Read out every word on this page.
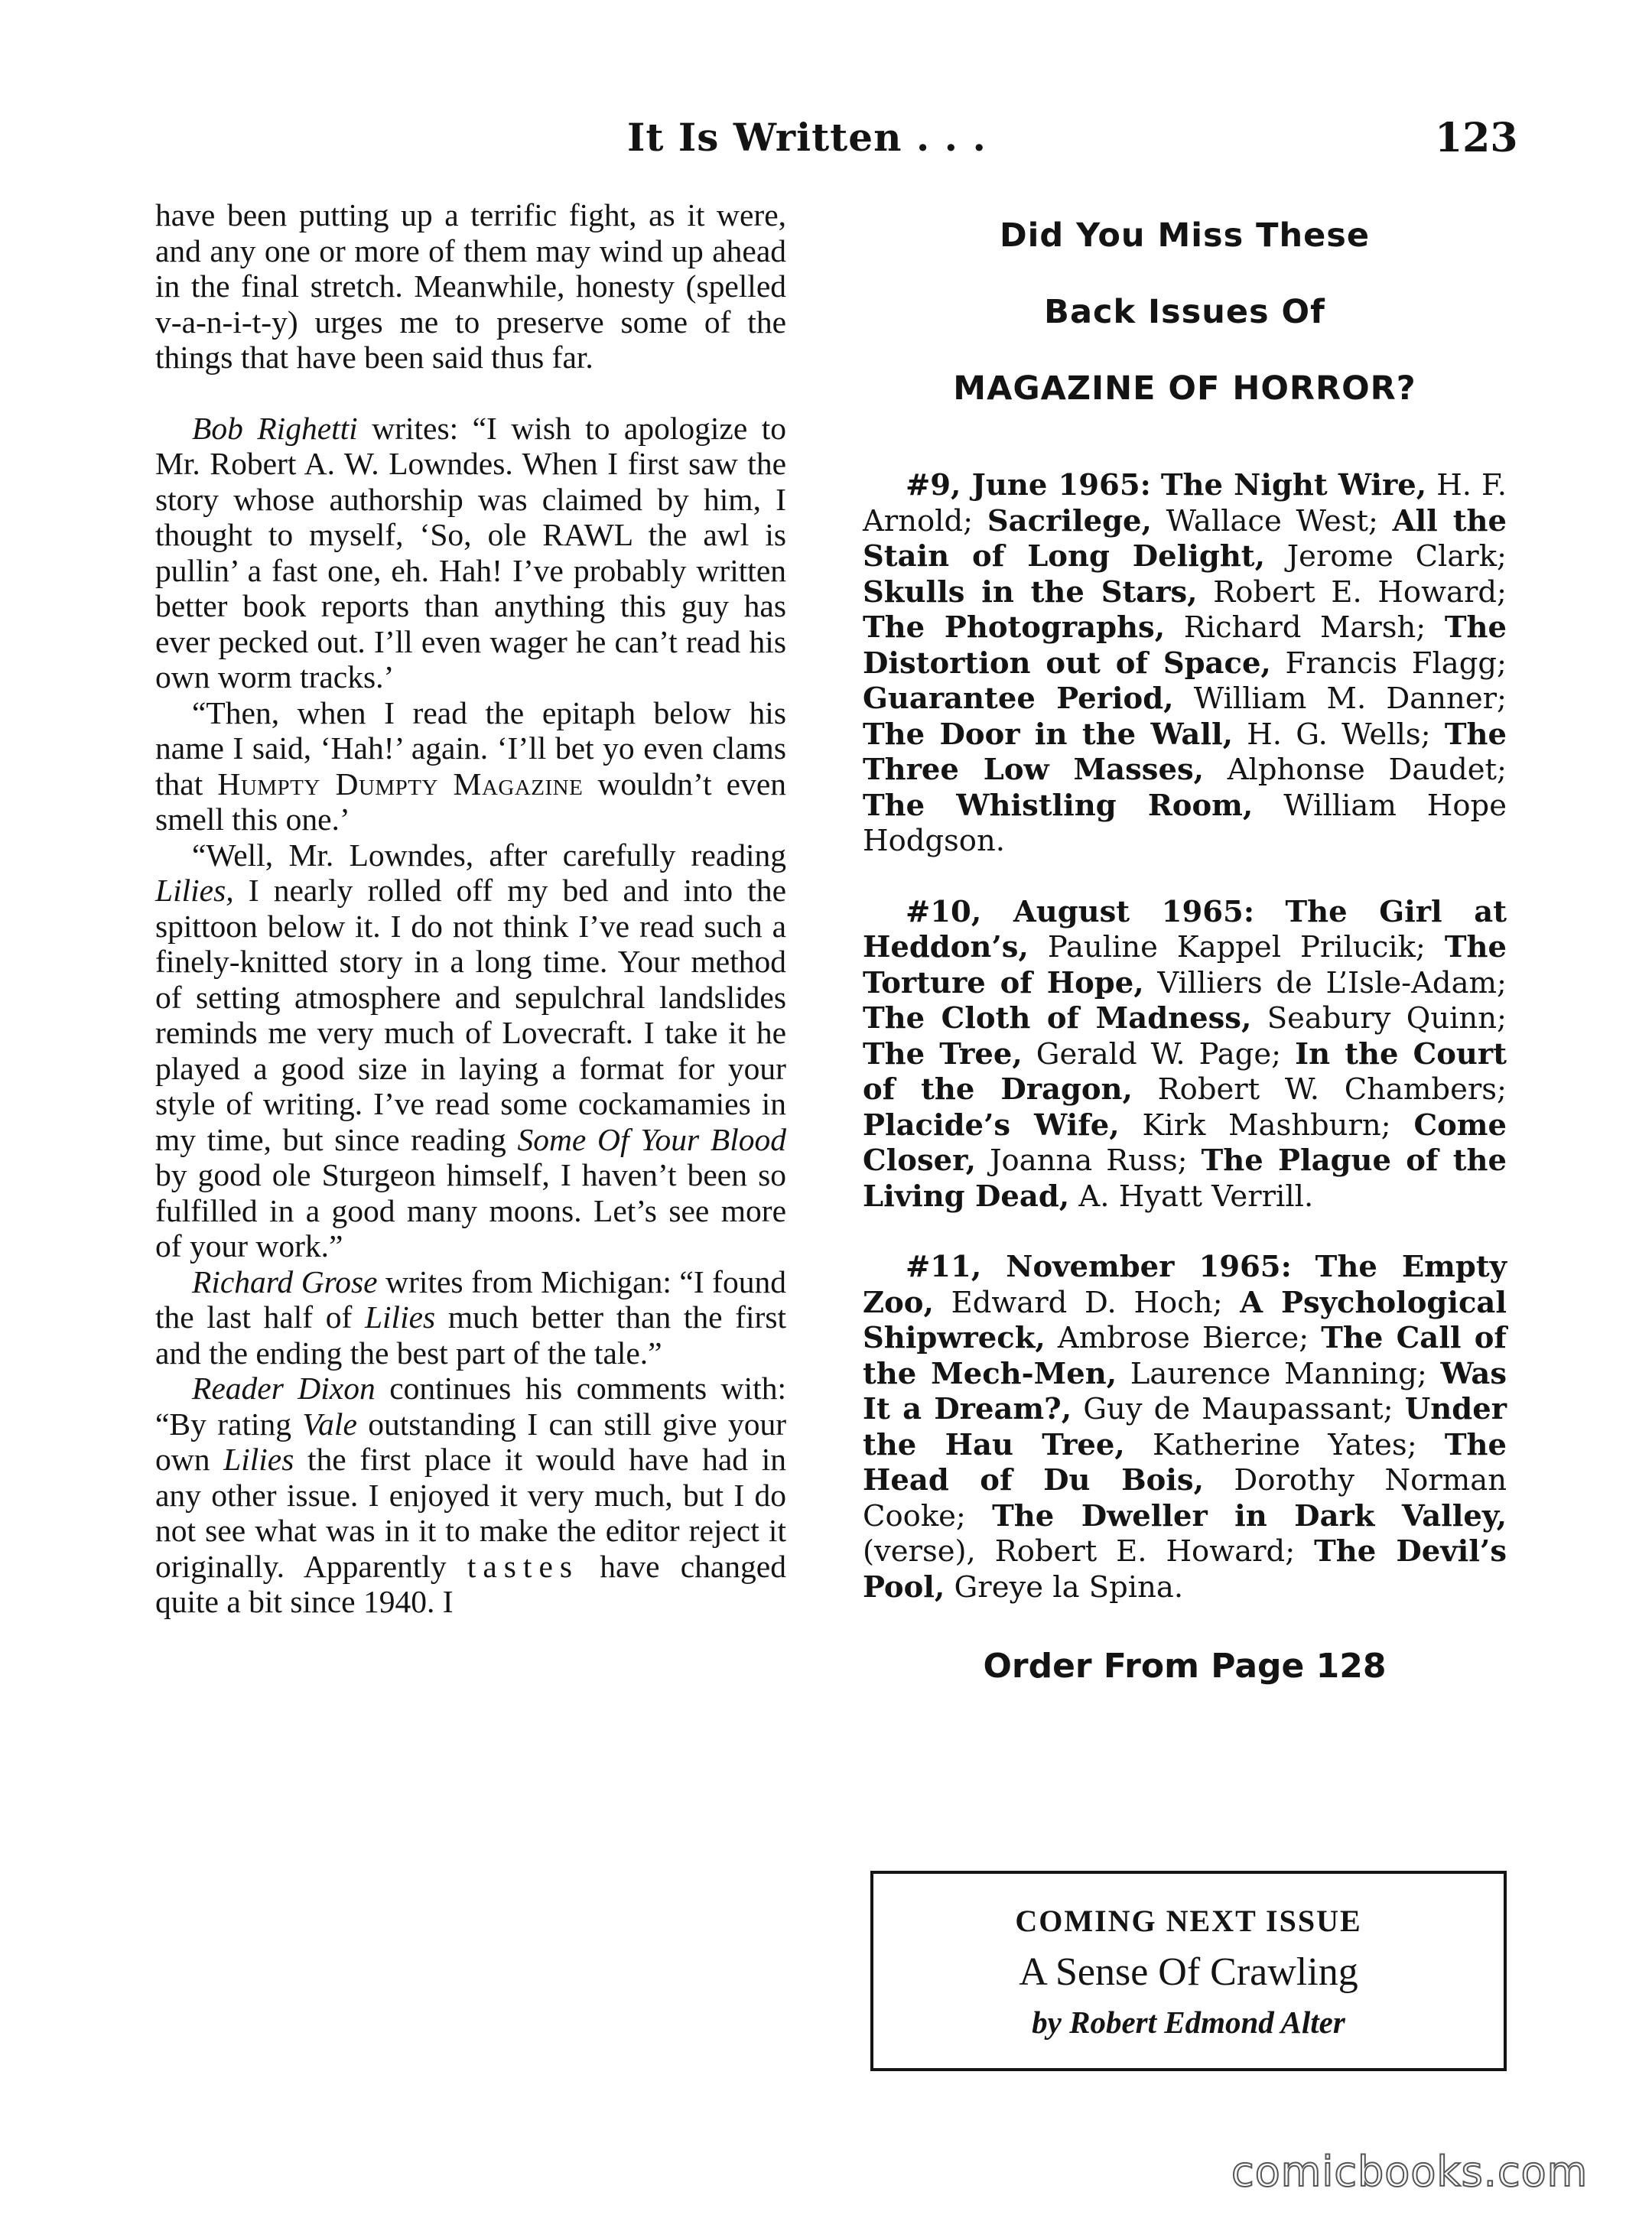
It Is Written . . .	123

have been putting up a terrific fight, as it were, and any one or more of them may wind up ahead in the final stretch. Meanwhile, honesty (spelled v-a-n-i-t-y) urges me to preserve some of the things that have been said thus far.

Bob Righetti writes: “I wish to apologize to Mr. Robert A. W. Lowndes. When I first saw the story whose authorship was claimed by him, I thought to myself, ‘So, ole RAWL the awl is pullin’ a fast one, eh. Hah! I’ve probably written better book reports than anything this guy has ever pecked out. I’ll even wager he can’t read his own worm tracks.’

“Then, when I read the epitaph below his name I said, ‘Hah!’ again. ‘I’ll bet yo even clams that Humpty Dumpty Magazine wouldn’t even smell this one.’

“Well, Mr. Lowndes, after carefully reading Lilies, I nearly rolled off my bed and into the spittoon below it. I do not think I’ve read such a finely-knitted story in a long time. Your method of setting atmosphere and sepulchral landslides reminds me very much of Lovecraft. I take it he played a good size in laying a format for your style of writing. I’ve read some cockamamies in my time, but since reading Some Of Your Blood by good ole Sturgeon himself, I haven’t been so fulfilled in a good many moons. Let’s see more of your work.”

Richard Grose writes from Michigan: “I found the last half of Lilies much better than the first and the ending the best part of the tale.”

Reader Dixon continues his comments with: “By rating Vale outstanding I can still give your own Lilies the first place it would have had in any other issue. I enjoyed it very much, but I do not see what was in it to make the editor reject it originally. Apparently tastes have changed quite a bit since 1940. I

Did You Miss These
Back Issues Of
MAGAZINE OF HORROR?

#9, June 1965: The Night Wire, H. F. Arnold; Sacrilege, Wallace West; All the Stain of Long Delight, Jerome Clark; Skulls in the Stars, Robert E. Howard; The Photographs, Richard Marsh; The Distortion out of Space, Francis Flagg; Guarantee Period, William M. Danner; The Door in the Wall, H. G. Wells; The Three Low Masses, Alphonse Daudet; The Whistling Room, William Hope Hodgson.

#10, August 1965: The Girl at Heddon’s, Pauline Kappel Prilucik; The Torture of Hope, Villiers de L’Isle-Adam; The Cloth of Madness, Seabury Quinn; The Tree, Gerald W. Page; In the Court of the Dragon, Robert W. Chambers; Placide’s Wife, Kirk Mashburn; Come Closer, Joanna Russ; The Plague of the Living Dead, A. Hyatt Verrill.

#11, November 1965: The Empty Zoo, Edward D. Hoch; A Psychological Shipwreck, Ambrose Bierce; The Call of the Mech-Men, Laurence Manning; Was It a Dream?, Guy de Maupassant; Under the Hau Tree, Katherine Yates; The Head of Du Bois, Dorothy Norman Cooke; The Dweller in Dark Valley, (verse), Robert E. Howard; The Devil’s Pool, Greye la Spina.

Order From Page 128
COMING NEXT ISSUE
A Sense Of Crawling
by Robert Edmond Alter
comicbooks.com
